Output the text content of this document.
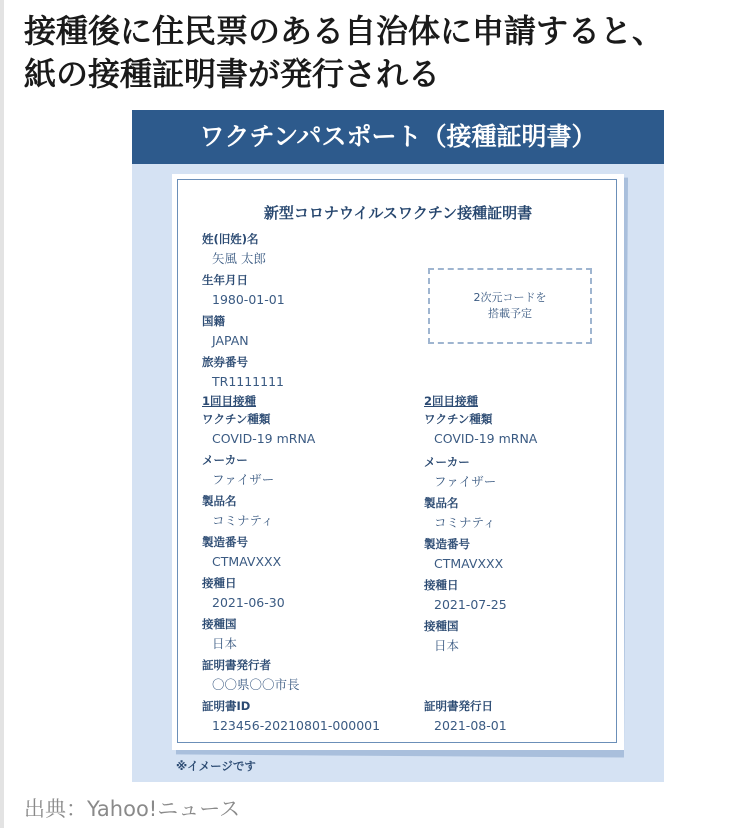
接種後に住民票のある自治体に申請すると、
紙の接種証明書が発行される
ワクチンパスポート（接種証明書）
新型コロナウイルスワクチン接種証明書
姓(旧姓)名
矢風 太郎
生年月日
1980-01-01
国籍
JAPAN
旅券番号
TR1111111
2次元コードを
搭載予定
1回目接種
ワクチン種類
COVID-19 mRNA
メーカー
ファイザー
製品名
コミナティ
製造番号
CTMAVXXX
接種日
2021-06-30
接種国
日本
証明書発行者
〇〇県〇〇市長
証明書ID
123456-20210801-000001
2回目接種
ワクチン種類
COVID-19 mRNA
メーカー
ファイザー
製品名
コミナティ
製造番号
CTMAVXXX
接種日
2021-07-25
接種国
日本
証明書発行日
2021-08-01
※イメージです
出典：Yahoo!ニュース
